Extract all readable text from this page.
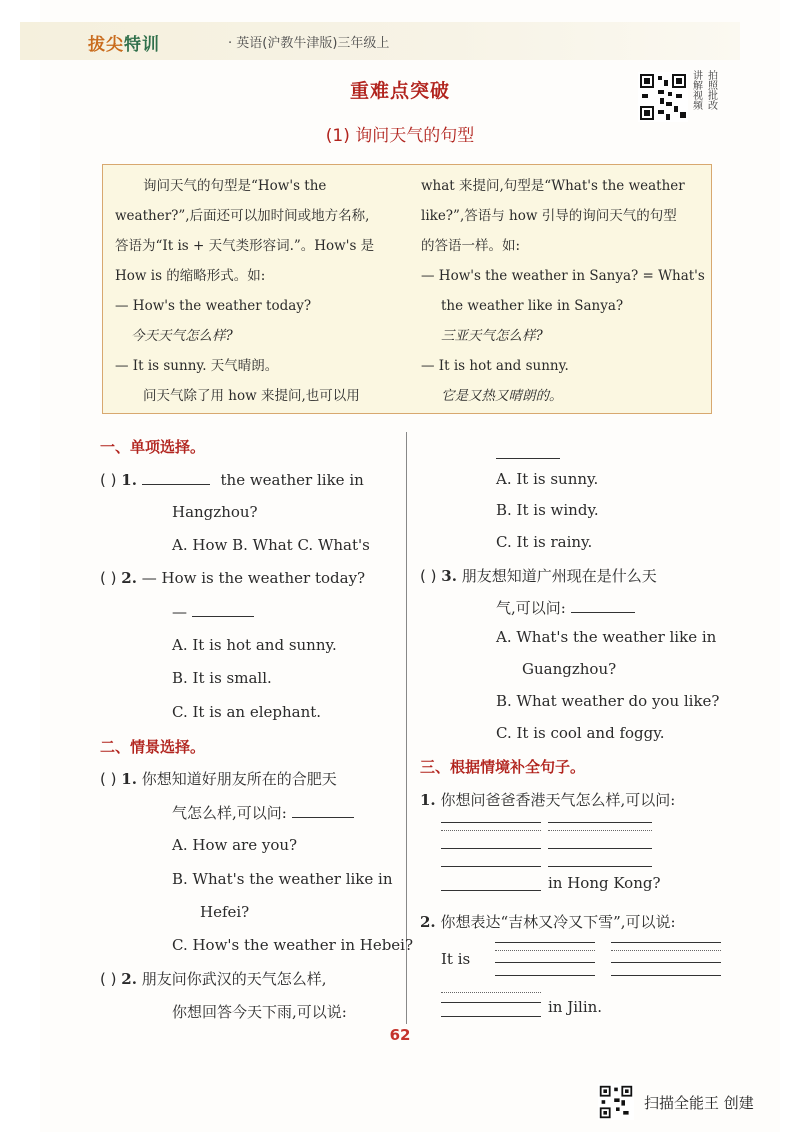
拔尖特训	· 英语(沪教牛津版)三年级上
重难点突破
(1) 询问天气的句型
讲 拍
解 照
视 批
频 改

询问天气的句型是“How's the

weather?”,后面还可以加时间或地方名称,

答语为“It is + 天气类形容词.”。How's 是

How is 的缩略形式。如:

— How's the weather today?

今天天气怎么样?

— It is sunny. 天气晴朗。

问天气除了用 how 来提问,也可以用

what 来提问,句型是“What's the weather

like?”,答语与 how 引导的询问天气的句型

的答语一样。如:

— How's the weather in Sanya? = What's

the weather like in Sanya?

三亚天气怎么样?

— It is hot and sunny.

它是又热又晴朗的。

一、单项选择。
( ) 1.	the weather like in
Hangzhou?
A. How B. What C. What's
( ) 2. — How is the weather today?
—
A. It is hot and sunny.
B. It is small.
C. It is an elephant.
二、情景选择。
( ) 1. 你想知道好朋友所在的合肥天
气怎么样,可以问:
A. How are you?
B. What's the weather like in
Hefei?
C. How's the weather in Hebei?
( ) 2. 朋友问你武汉的天气怎么样,
你想回答今天下雨,可以说:
A. It is sunny.
B. It is windy.
C. It is rainy.
( ) 3. 朋友想知道广州现在是什么天
气,可以问:
A. What's the weather like in
Guangzhou?
B. What weather do you like?
C. It is cool and foggy.
三、根据情境补全句子。
1. 你想问爸爸香港天气怎么样,可以问:
in Hong Kong?
2. 你想表达“吉林又冷又下雪”,可以说:
It is
in Jilin.
62
扫描全能王 创建
